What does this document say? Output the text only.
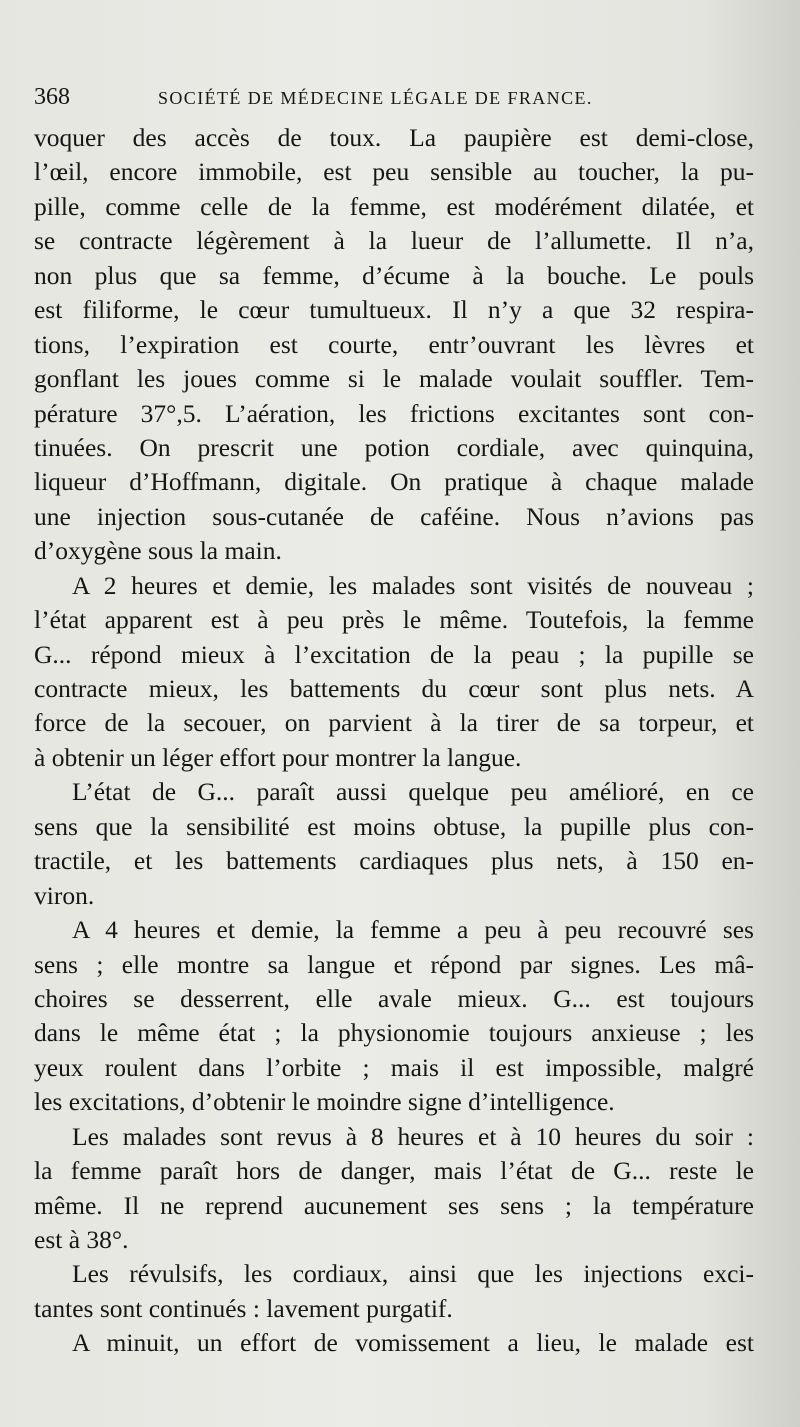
368	SOCIÉTÉ DE MÉDECINE LÉGALE DE FRANCE.
voquer des accès de toux. La paupière est demi-close,
l’œil, encore immobile, est peu sensible au toucher, la pu-
pille, comme celle de la femme, est modérément dilatée, et
se contracte légèrement à la lueur de l’allumette. Il n’a,
non plus que sa femme, d’écume à la bouche. Le pouls
est filiforme, le cœur tumultueux. Il n’y a que 32 respira-
tions, l’expiration est courte, entr’ouvrant les lèvres et
gonflant les joues comme si le malade voulait souffler. Tem-
pérature 37°,5. L’aération, les frictions excitantes sont con-
tinuées. On prescrit une potion cordiale, avec quinquina,
liqueur d’Hoffmann, digitale. On pratique à chaque malade
une injection sous-cutanée de caféine. Nous n’avions pas
d’oxygène sous la main.
A 2 heures et demie, les malades sont visités de nouveau ;
l’état apparent est à peu près le même. Toutefois, la femme
G... répond mieux à l’excitation de la peau ; la pupille se
contracte mieux, les battements du cœur sont plus nets. A
force de la secouer, on parvient à la tirer de sa torpeur, et
à obtenir un léger effort pour montrer la langue.
L’état de G... paraît aussi quelque peu amélioré, en ce
sens que la sensibilité est moins obtuse, la pupille plus con-
tractile, et les battements cardiaques plus nets, à 150 en-
viron.
A 4 heures et demie, la femme a peu à peu recouvré ses
sens ; elle montre sa langue et répond par signes. Les mâ-
choires se desserrent, elle avale mieux. G... est toujours
dans le même état ; la physionomie toujours anxieuse ; les
yeux roulent dans l’orbite ; mais il est impossible, malgré
les excitations, d’obtenir le moindre signe d’intelligence.
Les malades sont revus à 8 heures et à 10 heures du soir :
la femme paraît hors de danger, mais l’état de G... reste le
même. Il ne reprend aucunement ses sens ; la température
est à 38°.
Les révulsifs, les cordiaux, ainsi que les injections exci-
tantes sont continués : lavement purgatif.
A minuit, un effort de vomissement a lieu, le malade est
